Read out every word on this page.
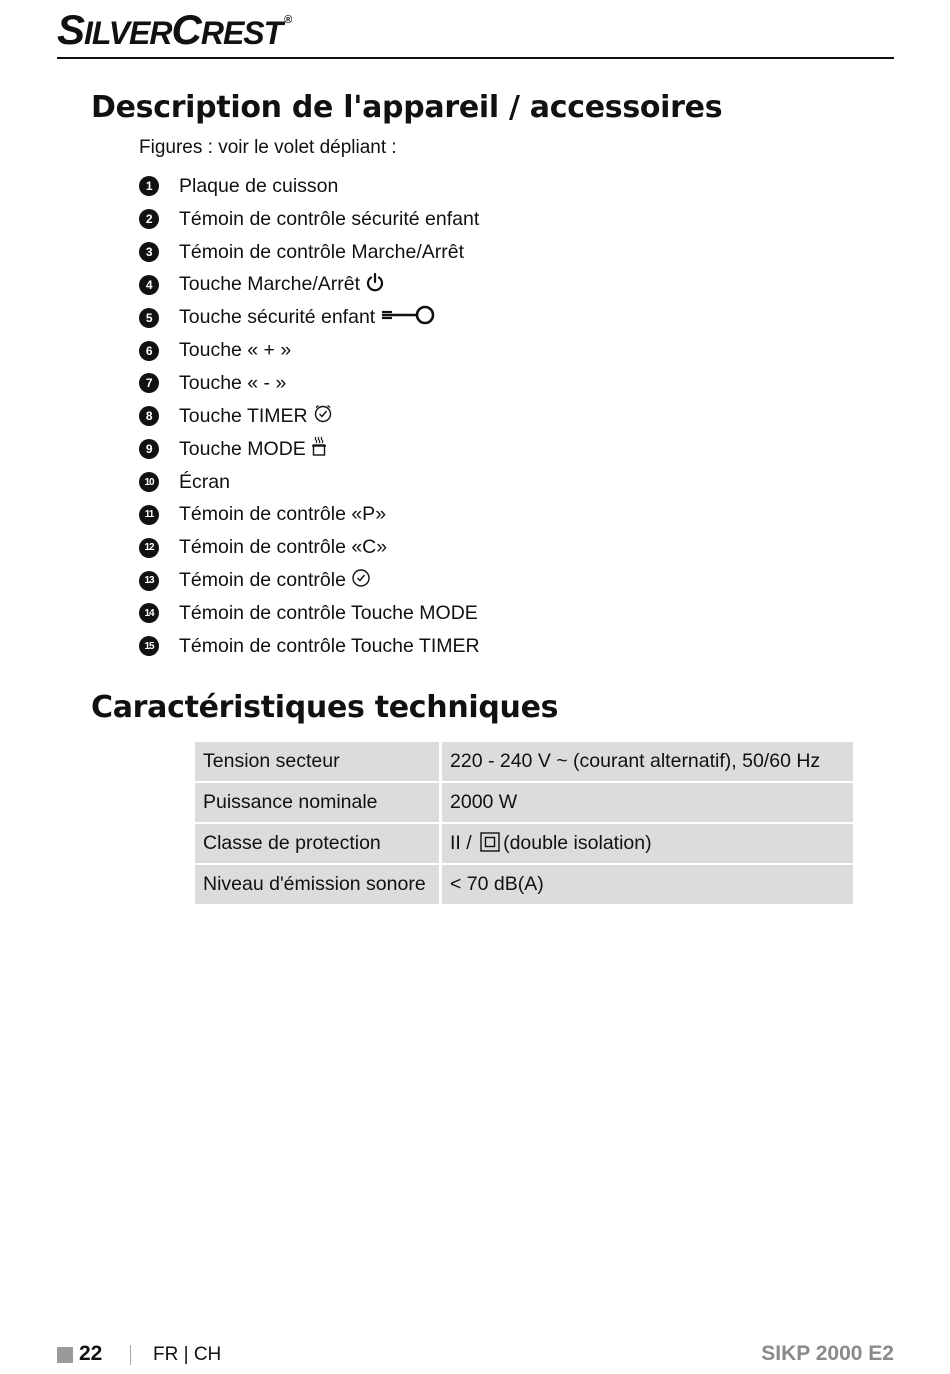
SILVERCREST ®
Description de l'appareil / accessoires
Figures : voir le volet dépliant :
1	Plaque de cuisson
2	Témoin de contrôle sécurité enfant
3	Témoin de contrôle Marche/Arrêt
4	Touche Marche/Arrêt
5	Touche sécurité enfant
6	Touche « + »
7	Touche « - »
8	Touche TIMER
9	Touche MODE
10 Écran
11 Témoin de contrôle «P»
12 Témoin de contrôle «C»
13 Témoin de contrôle
14 Témoin de contrôle Touche MODE
15 Témoin de contrôle Touche TIMER
Caractéristiques techniques
Tension secteur	220 - 240 V ~ (courant alternatif), 50/60 Hz
Puissance nominale	2000 W
Classe de protection	II / (double isolation)
Niveau d'émission sonore	< 70 dB(A)
22	FR | CH	SIKP 2000 E2
